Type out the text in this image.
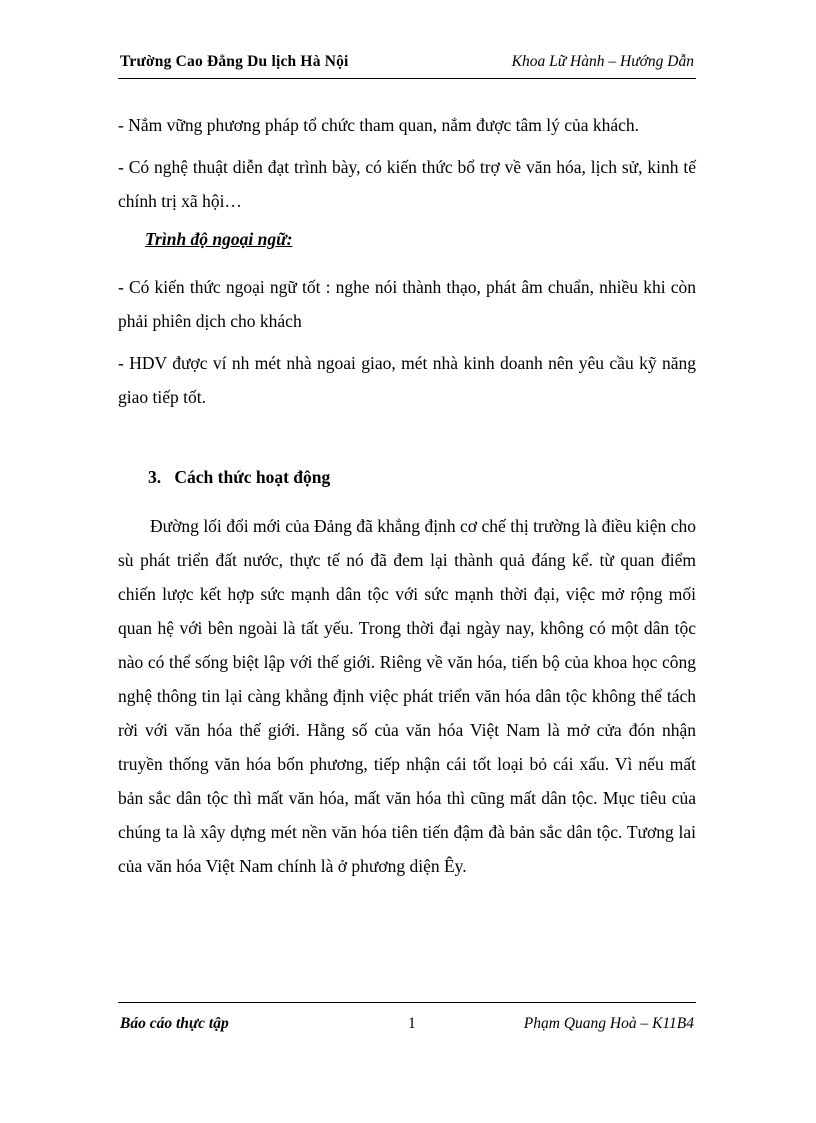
Trường Cao Đẳng Du lịch Hà Nội	Khoa Lữ Hành – Hướng Dẫn

- Nắm vững phương pháp tổ chức tham quan, nắm được tâm lý của khách.

- Có nghệ thuật diễn đạt trình bày, có kiến thức bổ trợ về văn hóa, lịch sử, kinh tế chính trị xã hội…

Trình độ ngoại ngữ:

- Có kiến thức ngoại ngữ tốt : nghe nói thành thạo, phát âm chuẩn, nhiều khi còn phải phiên dịch cho khách

- HDV được ví nh mét nhà ngoai giao, mét nhà kinh doanh nên yêu cầu kỹ năng giao tiếp tốt.

3. Cách thức hoạt động

Đường lối đổi mới của Đảng đã khẳng định cơ chế thị trường là điều kiện cho sù phát triển đất nước, thực tế nó đã đem lại thành quả đáng kể. từ quan điểm chiến lược kết hợp sức mạnh dân tộc với sức mạnh thời đại, việc mở rộng mối quan hệ với bên ngoài là tất yếu. Trong thời đại ngày nay, không có một dân tộc nào có thể sống biệt lập với thế giới. Riêng về văn hóa, tiến bộ của khoa học công nghệ thông tin lại càng khẳng định việc phát triển văn hóa dân tộc không thể tách rời với văn hóa thế giới. Hằng số của văn hóa Việt Nam là mở cửa đón nhận truyền thống văn hóa bốn phương, tiếp nhận cái tốt loại bỏ cái xấu. Vì nếu mất bản sắc dân tộc thì mất văn hóa, mất văn hóa thì cũng mất dân tộc. Mục tiêu của chúng ta là xây dựng mét nền văn hóa tiên tiến đậm đà bản sắc dân tộc. Tương lai của văn hóa Việt Nam chính là ở phương diện Êy.

Báo cáo thực tập	1	Phạm Quang Hoà – K11B4
